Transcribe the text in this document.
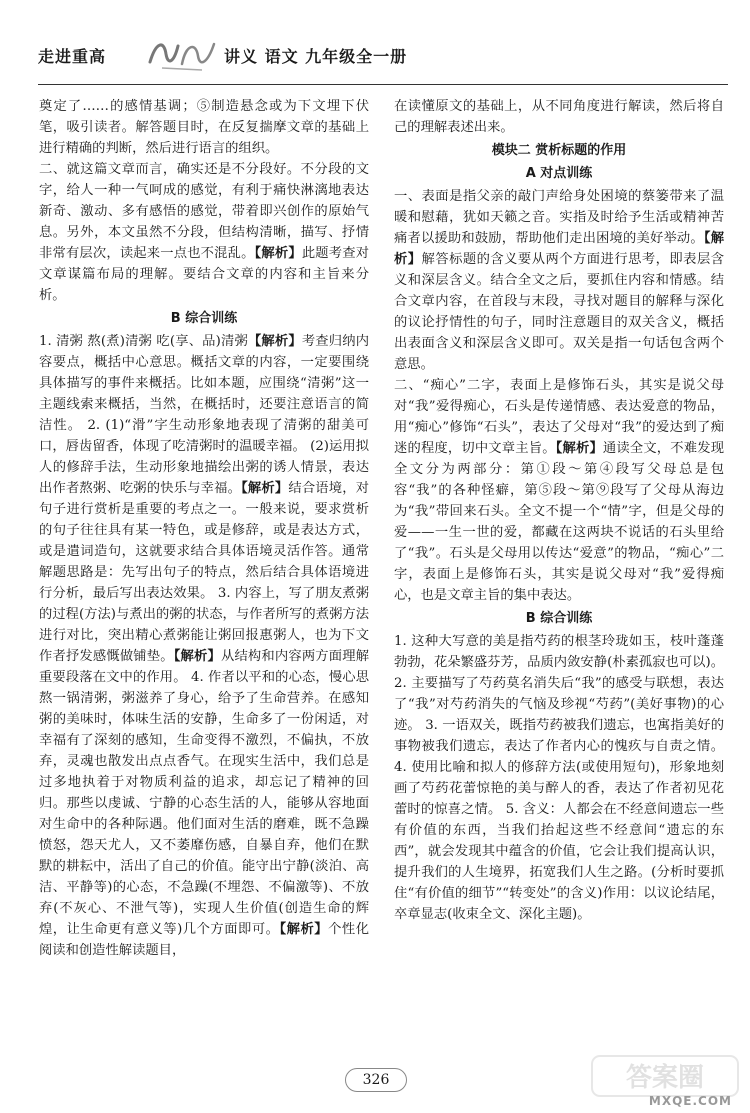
走进重高	讲义 语文 九年级全一册

奠定了……的感情基调；⑤制造悬念或为下文埋下伏笔，吸引读者。解答题目时，在反复揣摩文章的基础上进行精确的判断，然后进行语言的组织。

二、就这篇文章而言，确实还是不分段好。不分段的文字，给人一种一气呵成的感觉，有利于痛快淋漓地表达新奇、激动、多有感悟的感觉，带着即兴创作的原始气息。另外，本文虽然不分段，但结构清晰，描写、抒情非常有层次，读起来一点也不混乱。【解析】此题考查对文章谋篇布局的理解。要结合文章的内容和主旨来分析。

B 综合训练

1. 清粥 熬(煮)清粥 吃(享、品)清粥【解析】考查归纳内容要点，概括中心意思。概括文章的内容，一定要围绕具体描写的事件来概括。比如本题，应围绕“清粥”这一主题线索来概括，当然，在概括时，还要注意语言的简洁性。 2. (1)“滑”字生动形象地表现了清粥的甜美可口，唇齿留香，体现了吃清粥时的温暖幸福。 (2)运用拟人的修辞手法，生动形象地描绘出粥的诱人情景，表达出作者熬粥、吃粥的快乐与幸福。【解析】结合语境，对句子进行赏析是重要的考点之一。一般来说，要求赏析的句子往往具有某一特色，或是修辞，或是表达方式，或是遣词造句，这就要求结合具体语境灵活作答。通常解题思路是：先写出句子的特点，然后结合具体语境进行分析，最后写出表达效果。 3. 内容上，写了朋友煮粥的过程(方法)与煮出的粥的状态，与作者所写的煮粥方法进行对比，突出精心煮粥能让粥回报惠粥人，也为下文作者抒发感慨做铺垫。【解析】从结构和内容两方面理解重要段落在文中的作用。 4. 作者以平和的心态，慢心思熬一锅清粥，粥滋养了身心，给予了生命营养。在感知粥的美味时，体味生活的安静，生命多了一份闲适，对幸福有了深刻的感知，生命变得不激烈，不偏执，不放弃，灵魂也散发出点点香气。在现实生活中，我们总是过多地执着于对物质利益的追求，却忘记了精神的回归。那些以虔诚、宁静的心态生活的人，能够从容地面对生命中的各种际遇。他们面对生活的磨难，既不急躁愤怒，怨天尤人，又不萎靡伤感，自暴自弃，他们在默默的耕耘中，活出了自己的价值。能守出宁静(淡泊、高洁、平静等)的心态，不急躁(不埋怨、不偏激等)、不放弃(不灰心、不泄气等)，实现人生价值(创造生命的辉煌，让生命更有意义等)几个方面即可。【解析】个性化阅读和创造性解读题目，

在读懂原文的基础上，从不同角度进行解读，然后将自己的理解表述出来。

模块二 赏析标题的作用

A 对点训练

一、表面是指父亲的敲门声给身处困境的蔡篓带来了温暖和慰藉，犹如天籁之音。实指及时给予生活或精神苦痛者以援助和鼓励，帮助他们走出困境的美好举动。【解析】解答标题的含义要从两个方面进行思考，即表层含义和深层含义。结合全文之后，要抓住内容和情感。结合文章内容，在首段与末段，寻找对题目的解释与深化的议论抒情性的句子，同时注意题目的双关含义，概括出表面含义和深层含义即可。双关是指一句话包含两个意思。

二、“痴心”二字，表面上是修饰石头，其实是说父母对“我”爱得痴心，石头是传递情感、表达爱意的物品，用“痴心”修饰“石头”，表达了父母对“我”的爱达到了痴迷的程度，切中文章主旨。【解析】通读全文，不难发现全文分为两部分：第①段～第④段写父母总是包容“我”的各种怪癖，第⑤段～第⑨段写了父母从海边为“我”带回来石头。全文不提一个“情”字，但是父母的爱——一生一世的爱，都藏在这两块不说话的石头里给了“我”。石头是父母用以传达“爱意”的物品，“痴心”二字，表面上是修饰石头，其实是说父母对“我”爱得痴心，也是文章主旨的集中表达。

B 综合训练

1. 这种大写意的美是指芍药的根茎玲珑如玉，枝叶蓬蓬勃勃，花朵繁盛芬芳，品质内敛安静(朴素孤寂也可以)。 2. 主要描写了芍药莫名消失后“我”的感受与联想，表达了“我”对芍药消失的气恼及珍视“芍药”(美好事物)的心迹。 3. 一语双关，既指芍药被我们遗忘，也寓指美好的事物被我们遗忘，表达了作者内心的愧疚与自责之情。 4. 使用比喻和拟人的修辞方法(或使用短句)，形象地刻画了芍药花蕾惊艳的美与醉人的香，表达了作者初见花蕾时的惊喜之情。 5. 含义：人都会在不经意间遗忘一些有价值的东西，当我们抬起这些不经意间“遗忘的东西”，就会发现其中蕴含的价值，它会让我们提高认识，提升我们的人生境界，拓宽我们人生之路。(分析时要抓住“有价值的细节”“转变处”的含义)作用：以议论结尾，卒章显志(收束全文、深化主题)。

326	答案圈
MXQE.COM
